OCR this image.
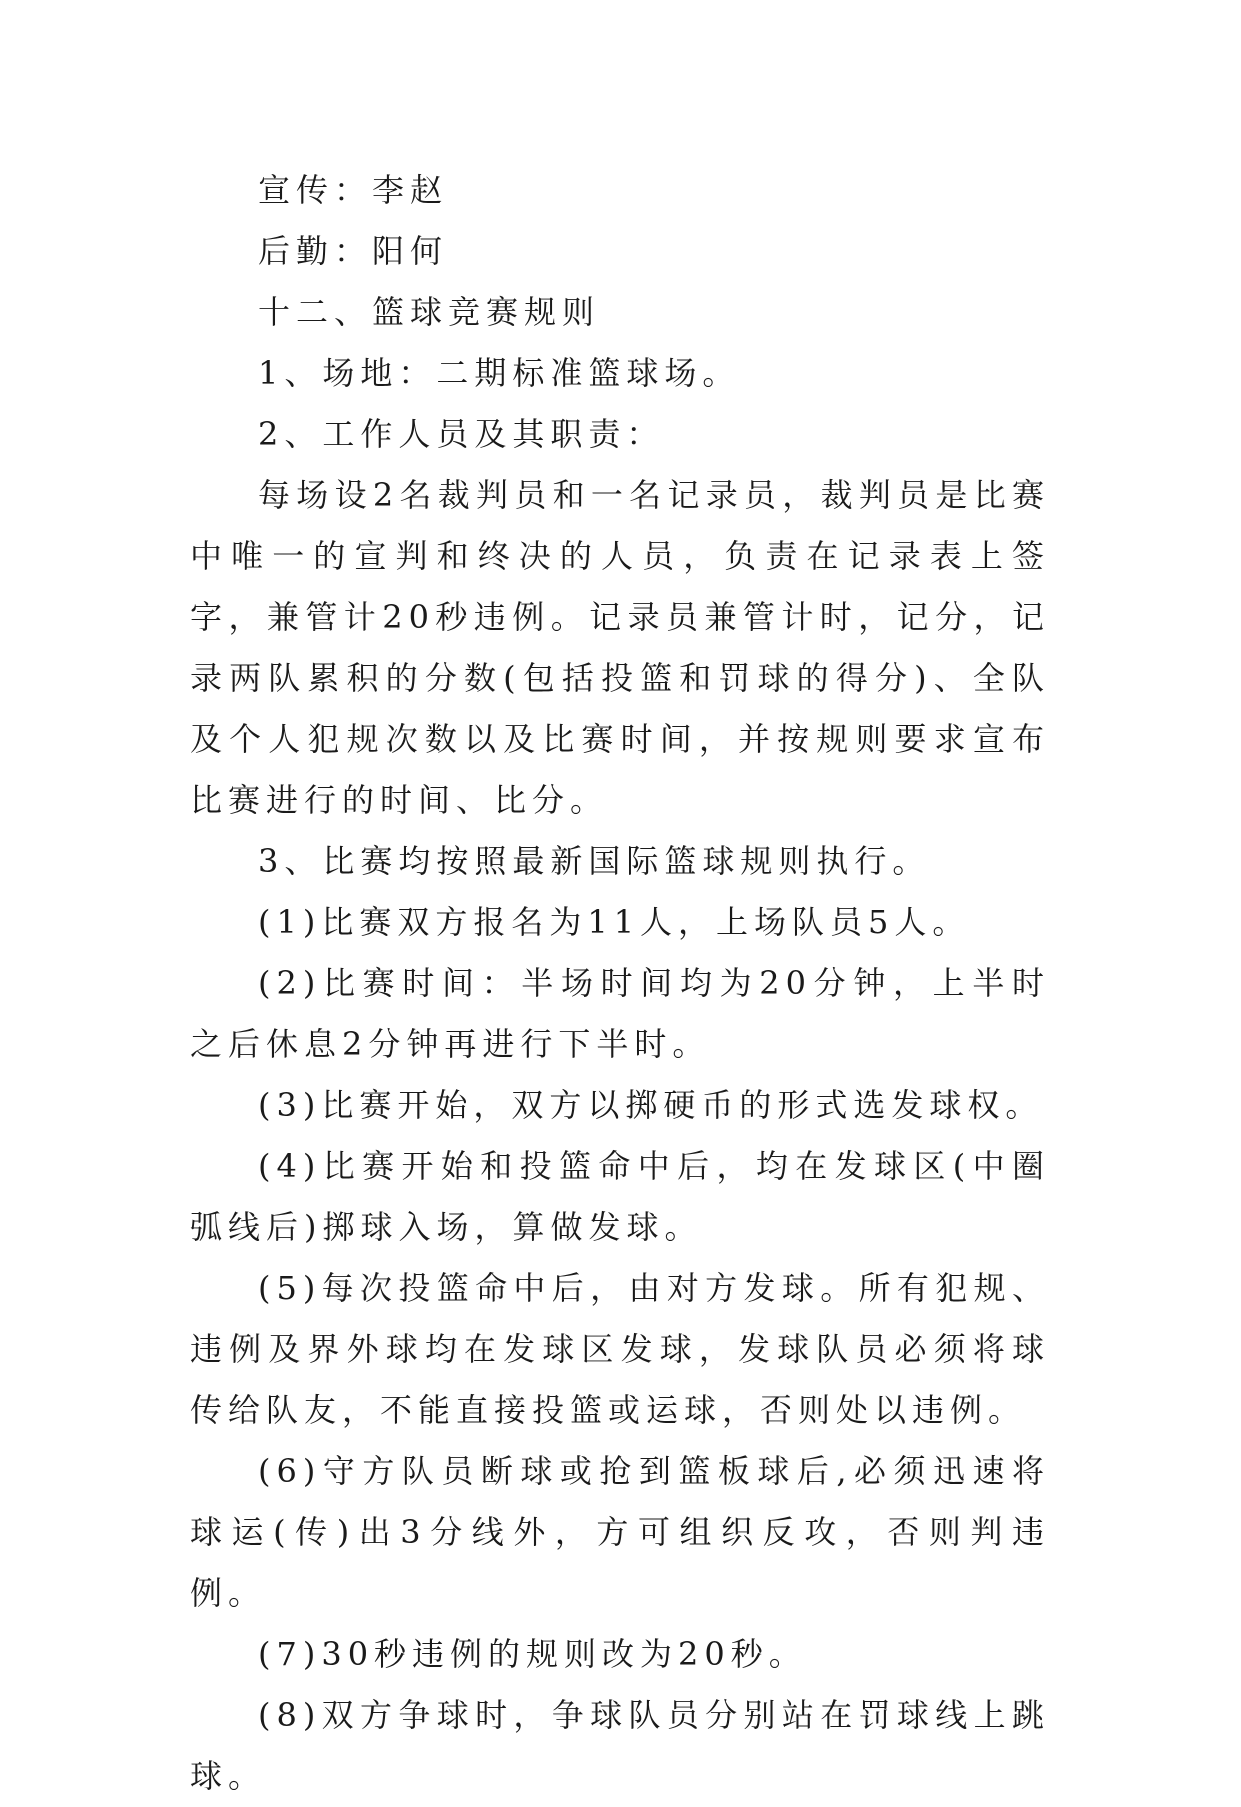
宣传：李赵

后勤：阳何

十二、篮球竞赛规则

1、场地：二期标准篮球场。

2、工作人员及其职责：

每场设2名裁判员和一名记录员，裁判员是比赛中唯一的宣判和终决的人员，负责在记录表上签字，兼管计20秒违例。记录员兼管计时，记分，记录两队累积的分数(包括投篮和罚球的得分)、全队及个人犯规次数以及比赛时间，并按规则要求宣布比赛进行的时间、比分。

3、比赛均按照最新国际篮球规则执行。

(1)比赛双方报名为11人，上场队员5人。

(2)比赛时间：半场时间均为20分钟，上半时之后休息2分钟再进行下半时。

(3)比赛开始，双方以掷硬币的形式选发球权。

(4)比赛开始和投篮命中后，均在发球区(中圈弧线后)掷球入场，算做发球。

(5)每次投篮命中后，由对方发球。所有犯规、违例及界外球均在发球区发球，发球队员必须将球传给队友，不能直接投篮或运球，否则处以违例。

(6)守方队员断球或抢到篮板球后,必须迅速将球运(传)出3分线外，方可组织反攻，否则判违例。

(7)30秒违例的规则改为20秒。

(8)双方争球时，争球队员分别站在罚球线上跳球。
